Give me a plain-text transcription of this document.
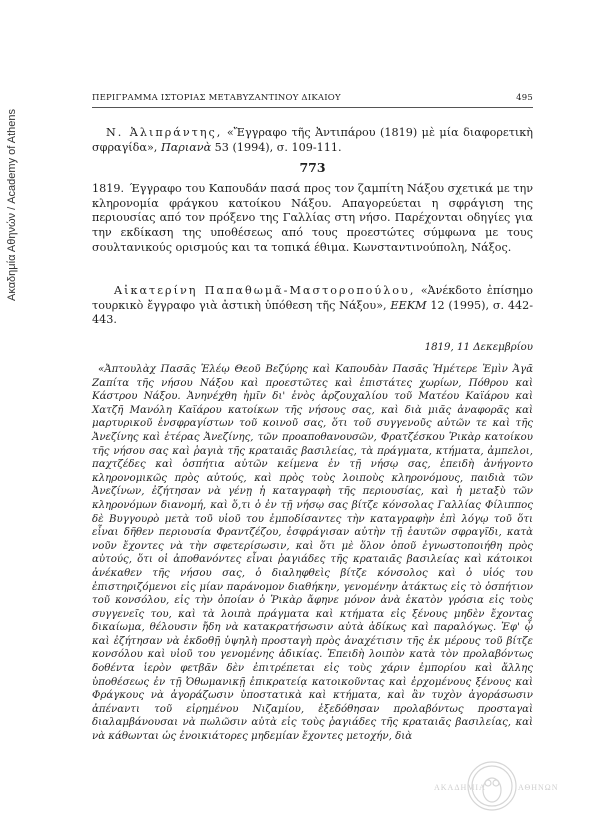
Ακαδημία Αθηνών / Academy of Athens
ΠΕΡΙΓΡΑΜΜΑ ΙΣΤΟΡΙΑΣ ΜΕΤΑΒΥΖΑΝΤΙΝΟΥ ΔΙΚΑΙΟΥ	495

Ν. Ἀλιπράντης, «Ἔγγραφο τῆς Ἀντιπάρου (1819) μὲ μία διαφορετικὴ σφραγίδα», Παριανὰ 53 (1994), σ. 109-111.

773

1819. Έγγραφο του Καπουδάν πασά προς τον ζαμπίτη Νάξου σχετικά με την κληρονομία φράγκου κατοίκου Νάξου. Απαγορεύεται η σφράγιση της περιουσίας από τον πρόξενο της Γαλλίας στη νήσο. Παρέχονται οδηγίες για την εκδίκαση της υποθέσεως από τους προεστώτες σύμφωνα με τους σουλτανικούς ορισμούς και τα τοπικά έθιμα. Κωνσταντινούπολη, Νάξος.

Αἰκατερίνη Παπαθωμᾶ-Μαστοροπούλου, «Ἀνέκδοτο ἐπίσημο τουρκικὸ ἔγγραφο γιὰ ἀστικὴ ὑπόθεση τῆς Νάξου», ΕΕΚΜ 12 (1995), σ. 442-443.

1819, 11 Δεκεμβρίου

«Ἀπτουλὰχ Πασᾶς Ἐλέῳ Θεοῦ Βεζύρης καὶ Καπουδὰν Πασᾶς Ἡμέτερε Ἐμὶν Ἀγᾶ Ζαπίτα τῆς νήσου Νάξου καὶ προεστῶτες καὶ ἐπιστάτες χωρίων, Πόθρου καὶ Κάστρου Νάξου. Ἀνηνέχθη ἡμῖν δι' ἑνὸς ἀρζουχαλίου τοῦ Ματέου Καϊάρου καὶ Χατζῆ Μανόλη Καϊάρου κατοίκων τῆς νήσους σας, καὶ διὰ μιᾶς ἀναφορᾶς καὶ μαρτυρικοῦ ἐνσφραγίστων τοῦ κοινοῦ σας, ὅτι τοῦ συγγενοῦς αὐτῶν τε καὶ τῆς Ἀνεζίνης καὶ ἑτέρας Ἀνεζίνης, τῶν προαποθανουσῶν, Φρατζέσκου Ῥικὰρ κατοίκου τῆς νήσου σας καὶ ῥαγιὰ τῆς κραταιᾶς βασιλείας, τὰ πράγματα, κτήματα, ἀμπελοι, παχτζέδες καὶ ὁσπήτια αὐτῶν κείμενα ἐν τῇ νήσῳ σας, ἐπειδὴ ἀνήγοντο κληρονομικῶς πρὸς αὐτούς, καὶ πρὸς τοὺς λοιποὺς κληρονόμους, παιδιὰ τῶν Ἀνεζίνων, ἐζήτησαν νὰ γένῃ ἡ καταγραφὴ τῆς περιουσίας, καὶ ἡ μεταξὺ τῶν κληρονόμων διανομή, καὶ ὅ,τι ὁ ἐν τῇ νήσῳ σας βίτζε κόνσολας Γαλλίας Φίλιππος δὲ Βυγγουρὸ μετὰ τοῦ υἱοῦ του ἐμποδίσαντες τὴν καταγραφὴν ἐπὶ λόγῳ τοῦ ὅτι εἶναι δῆθεν περιουσία Φραντζέζου, ἐσφράγισαν αὐτὴν τῇ ἑαυτῶν σφραγῖδι, κατὰ νοῦν ἔχοντες νὰ τὴν σφετερίσωσιν, καὶ ὅτι μὲ ὅλον ὁποῦ ἐγνωστοποιήθη πρὸς αὐτούς, ὅτι οἱ ἀποθανόντες εἶναι ῥαγιάδες τῆς κραταιᾶς βασιλείας καὶ κάτοικοι ἀνέκαθεν τῆς νήσου σας, ὁ διαληφθεὶς βίτζε κόνσολος καὶ ὁ υἱός του ἐπιστηριζόμενοι εἰς μίαν παράνομον διαθήκην, γενομένην ἀτάκτως εἰς τὸ ὁσπήτιον τοῦ κονσόλου, εἰς τὴν ὁποίαν ὁ Ῥικὰρ ἄφηνε μόνον ἀνὰ ἑκατὸν γρόσια εἰς τοὺς συγγενεῖς του, καὶ τὰ λοιπὰ πράγματα καὶ κτήματα εἰς ξένους μηδὲν ἔχοντας δικαίωμα, θέλουσιν ἤδη νὰ κατακρατήσωσιν αὐτὰ ἀδίκως καὶ παραλόγως. Ἐφ' ᾧ καὶ ἐζήτησαν νὰ ἐκδοθῇ ὑψηλὴ προσταγὴ πρὸς ἀναχέτισιν τῆς ἐκ μέρους τοῦ βίτζε κονσόλου καὶ υἱοῦ του γενομένης ἀδικίας. Ἐπειδὴ λοιπὸν κατὰ τὸν προλαβόντως δοθέντα ἱερὸν φετβᾶν δὲν ἐπιτρέπεται εἰς τοὺς χάριν ἐμπορίου καὶ ἄλλης ὑποθέσεως ἐν τῇ Ὀθωμανικῇ ἐπικρατείᾳ κατοικοῦντας καὶ ἐρχομένους ξένους καὶ Φράγκους νὰ ἀγοράζωσιν ὑποστατικὰ καὶ κτήματα, καὶ ἂν τυχὸν ἀγοράσωσιν ἀπέναντι τοῦ εἰρημένου Νιζαμίου, ἐξεδόθησαν προλαβόντως προσταγαὶ διαλαμβάνουσαι νὰ πωλῶσιν αὐτὰ εἰς τοὺς ῥαγιάδες τῆς κραταιᾶς βασιλείας, καὶ νὰ κάθωνται ὡς ἐνοικιάτορες μηδεμίαν ἔχοντες μετοχήν, διὰ

ΑΚΑΔΗΜΙΑ	ΑΘΗΝΩΝ
